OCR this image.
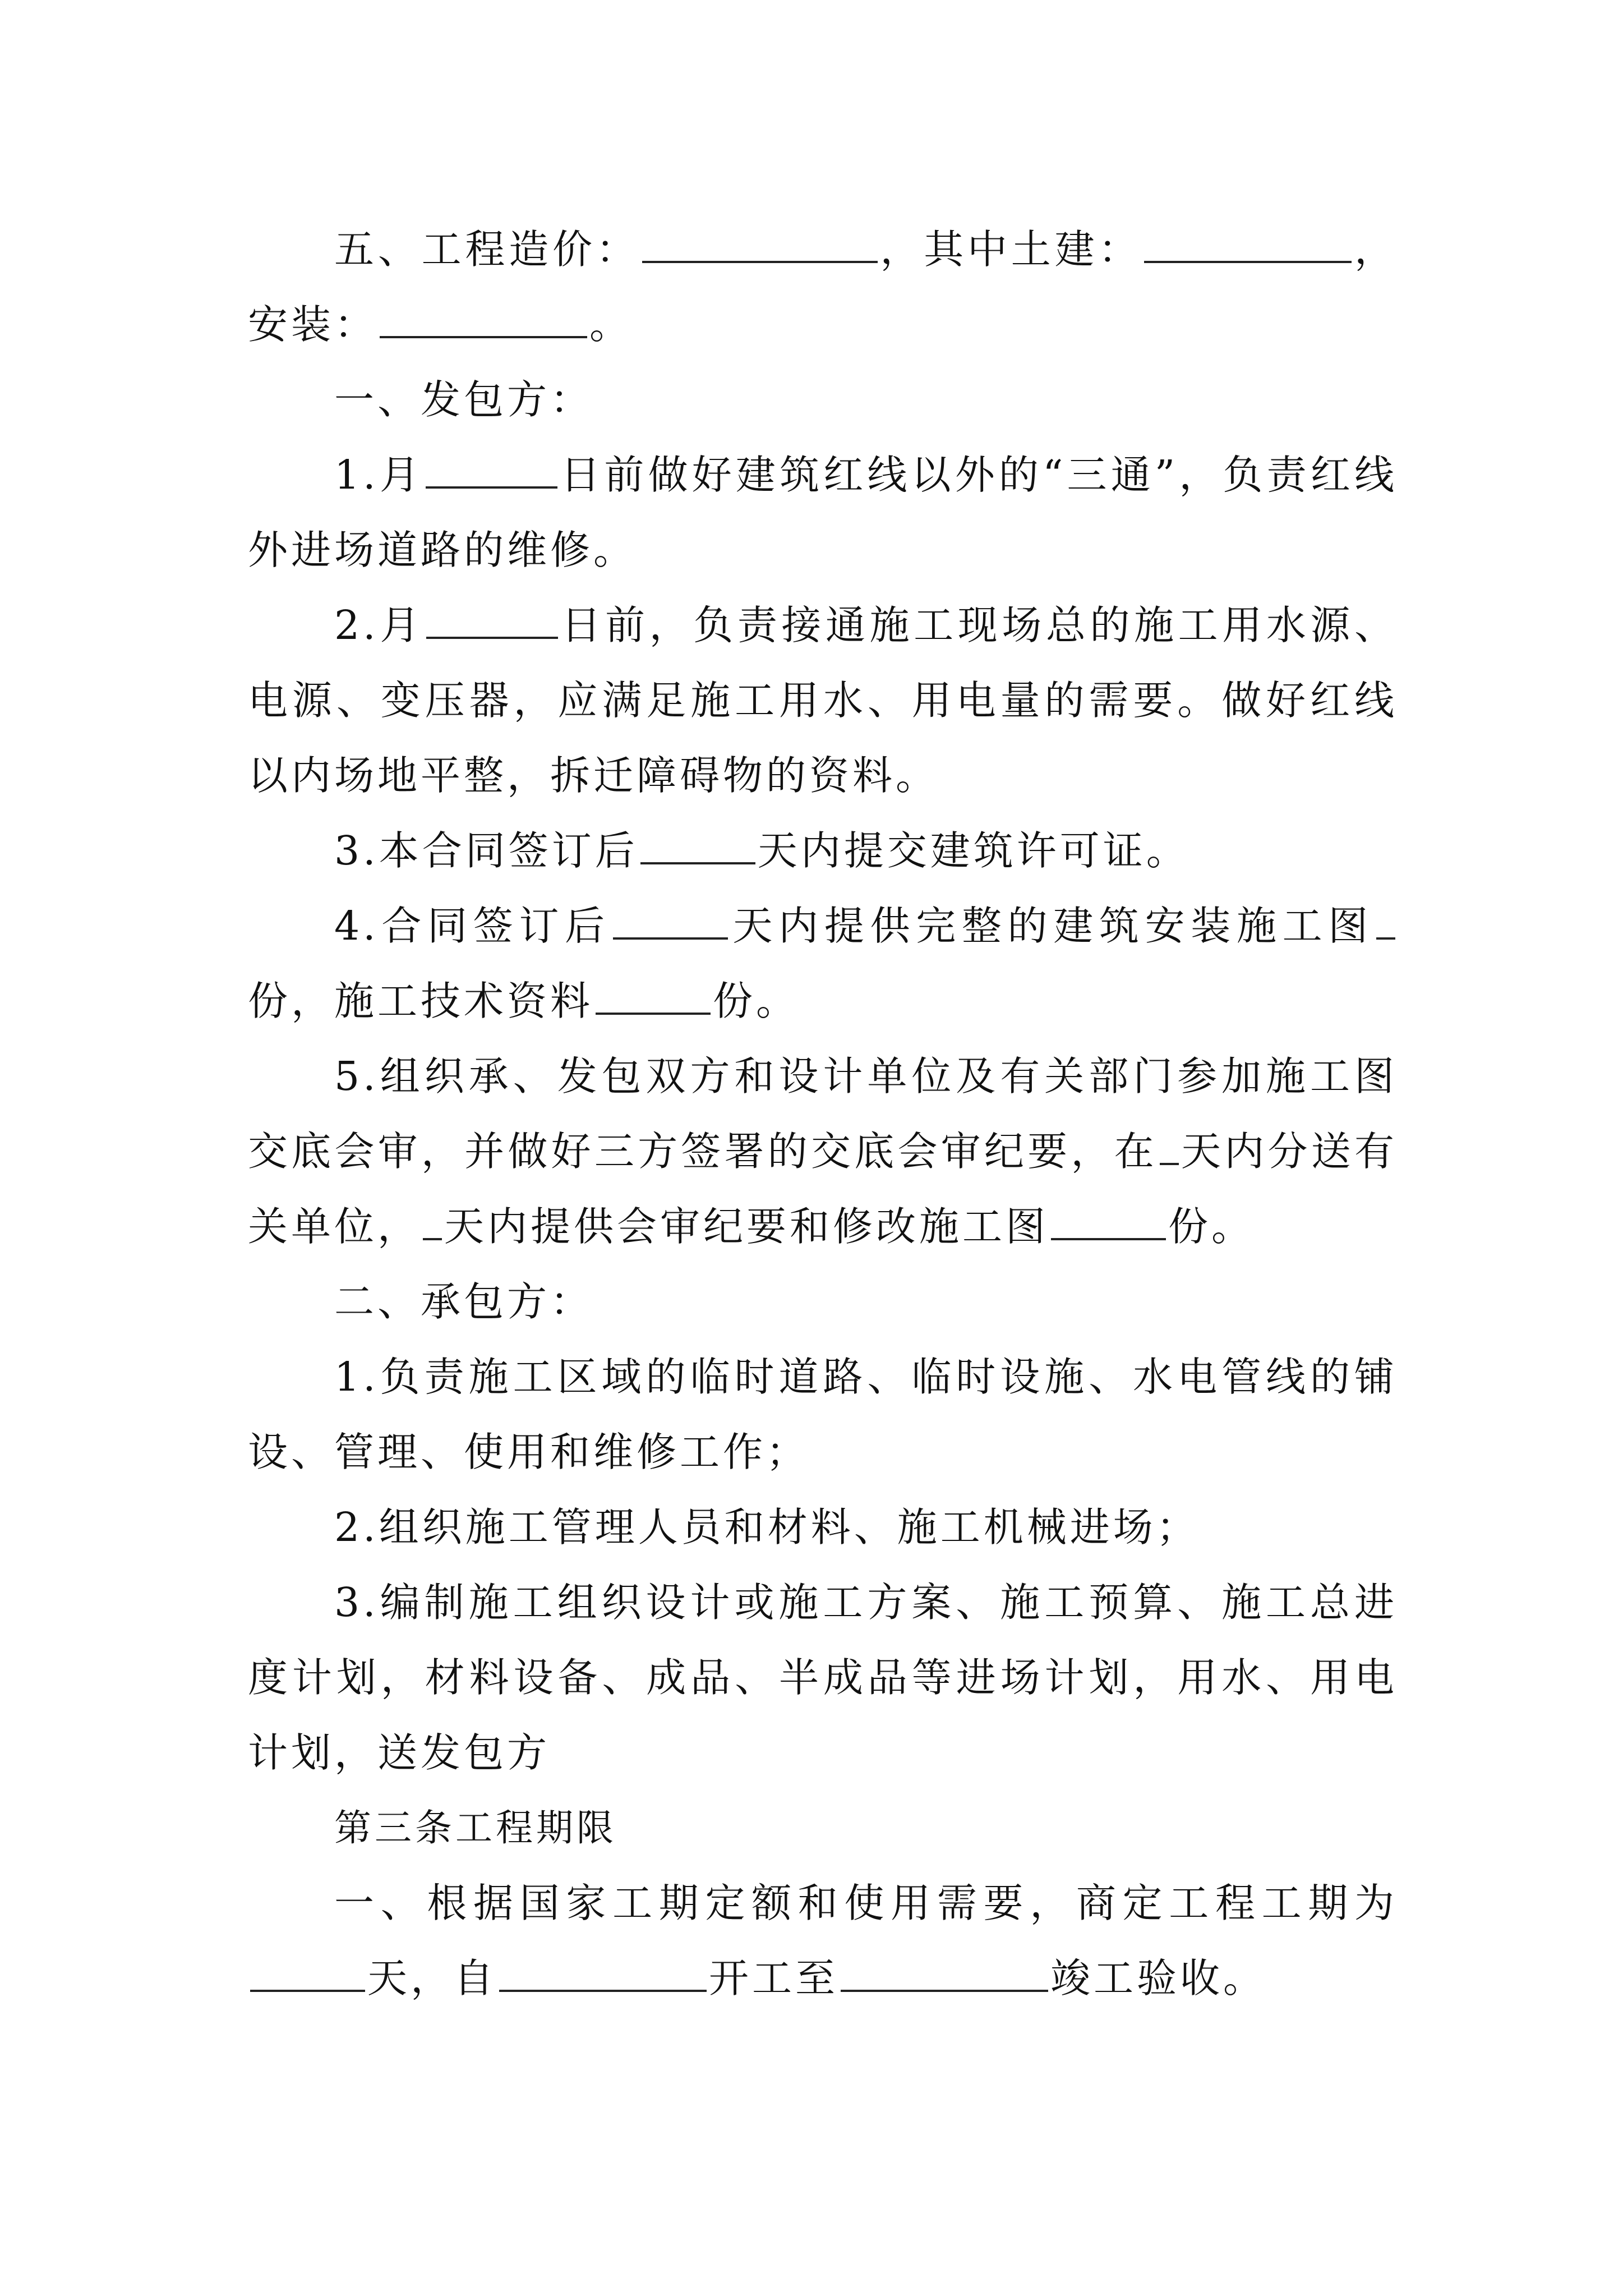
五、工程造价：	，其中土建：	，安装：	。

一、发包方：

1.月	日前做好建筑红线以外的“三通”，负责红线外进场道路的维修。

2.月	日前，负责接通施工现场总的施工用水源、电源、变压器，应满足施工用水、用电量的需要。做好红线以内场地平整，拆迁障碍物的资料。

3.本合同签订后	天内提交建筑许可证。

4.合同签订后	天内提供完整的建筑安装施工图份，施工技术资料	份。

5.组织承、发包双方和设计单位及有关部门参加施工图交底会审，并做好三方签署的交底会审纪要，在 天内分送有关单位， 天内提供会审纪要和修改施工图	份。

二、承包方：

1.负责施工区域的临时道路、临时设施、水电管线的铺设、管理、使用和维修工作；

2.组织施工管理人员和材料、施工机械进场；

3.编制施工组织设计或施工方案、施工预算、施工总进度计划，材料设备、成品、半成品等进场计划，用水、用电计划，送发包方

第三条工程期限

一、根据国家工期定额和使用需要，商定工程工期为天，自	开工至	竣工验收。
